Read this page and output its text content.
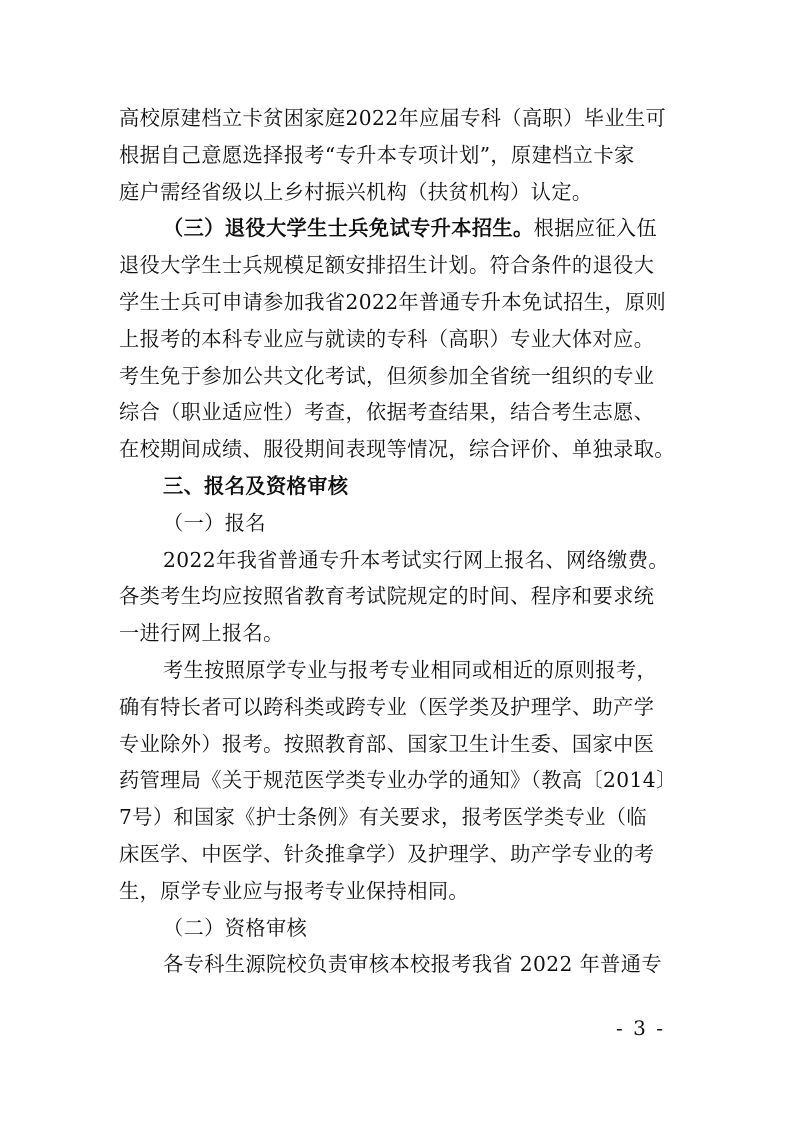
高校原建档立卡贫困家庭2022年应届专科（高职）毕业生可
根据自己意愿选择报考“专升本专项计划”，原建档立卡家
庭户需经省级以上乡村振兴机构（扶贫机构）认定。
（三）退役大学生士兵免试专升本招生。根据应征入伍
退役大学生士兵规模足额安排招生计划。符合条件的退役大
学生士兵可申请参加我省2022年普通专升本免试招生，原则
上报考的本科专业应与就读的专科（高职）专业大体对应。
考生免于参加公共文化考试，但须参加全省统一组织的专业
综合（职业适应性）考查，依据考查结果，结合考生志愿、
在校期间成绩、服役期间表现等情况，综合评价、单独录取。
三、报名及资格审核
（一）报名
2022年我省普通专升本考试实行网上报名、网络缴费。
各类考生均应按照省教育考试院规定的时间、程序和要求统
一进行网上报名。
考生按照原学专业与报考专业相同或相近的原则报考，
确有特长者可以跨科类或跨专业（医学类及护理学、助产学
专业除外）报考。按照教育部、国家卫生计生委、国家中医
药管理局《关于规范医学类专业办学的通知》（教高〔2014〕
7号）和国家《护士条例》有关要求，报考医学类专业（临
床医学、中医学、针灸推拿学）及护理学、助产学专业的考
生，原学专业应与报考专业保持相同。
（二）资格审核
各专科生源院校负责审核本校报考我省 2022 年普通专
- 3 -
